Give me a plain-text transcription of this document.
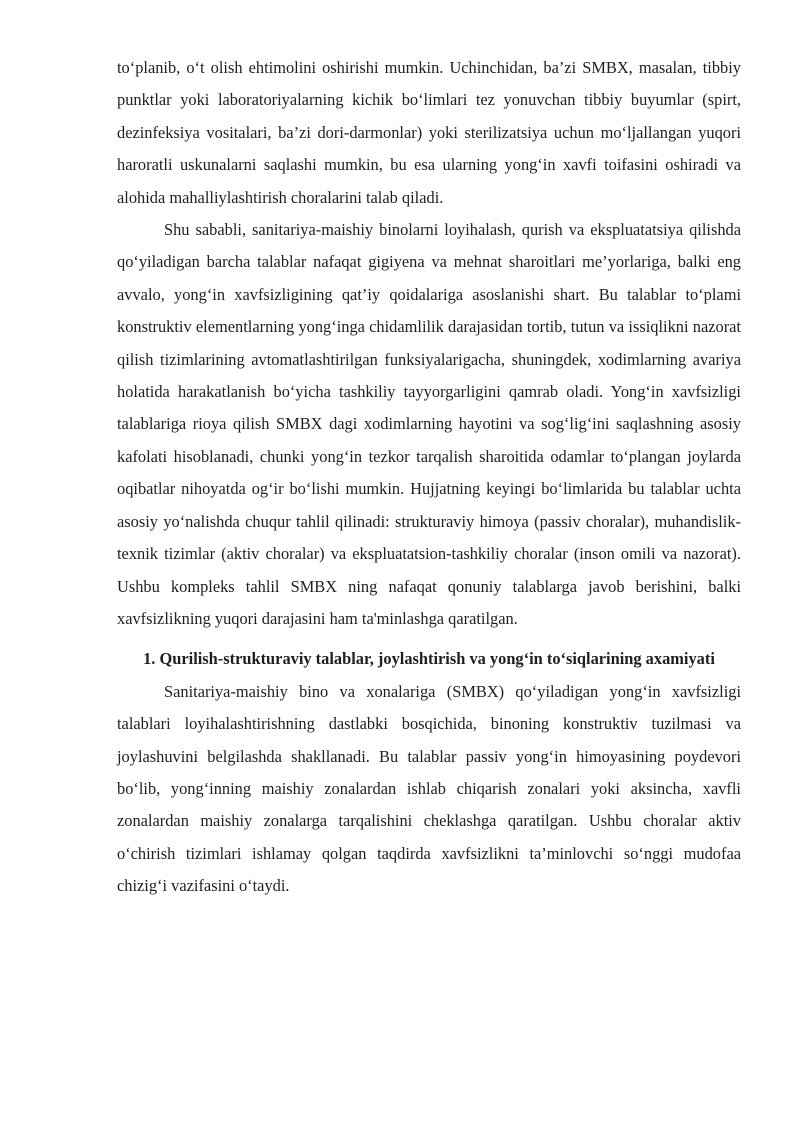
to‘planib, o‘t olish ehtimolini oshirishi mumkin. Uchinchidan, ba’zi SMBX, masalan, tibbiy punktlar yoki laboratoriyalarning kichik bo‘limlari tez yonuvchan tibbiy buyumlar (spirt, dezinfeksiya vositalari, ba’zi dori-darmonlar) yoki sterilizatsiya uchun mo‘ljallangan yuqori haroratli uskunalarni saqlashi mumkin, bu esa ularning yong‘in xavfi toifasini oshiradi va alohida mahalliylashtirish choralarini talab qiladi.

Shu sababli, sanitariya-maishiy binolarni loyihalash, qurish va ekspluatatsiya qilishda qo‘yiladigan barcha talablar nafaqat gigiyena va mehnat sharoitlari me’yorlariga, balki eng avvalo, yong‘in xavfsizligining qat’iy qoidalariga asoslanishi shart. Bu talablar to‘plami konstruktiv elementlarning yong‘inga chidamlilik darajasidan tortib, tutun va issiqlikni nazorat qilish tizimlarining avtomatlashtirilgan funksiyalarigacha, shuningdek, xodimlarning avariya holatida harakatlanish bo‘yicha tashkiliy tayyorgarligini qamrab oladi. Yong‘in xavfsizligi talablariga rioya qilish SMBX dagi xodimlarning hayotini va sog‘lig‘ini saqlashning asosiy kafolati hisoblanadi, chunki yong‘in tezkor tarqalish sharoitida odamlar to‘plangan joylarda oqibatlar nihoyatda og‘ir bo‘lishi mumkin. Hujjatning keyingi bo‘limlarida bu talablar uchta asosiy yo‘nalishda chuqur tahlil qilinadi: strukturaviy himoya (passiv choralar), muhandislik-texnik tizimlar (aktiv choralar) va ekspluatatsion-tashkiliy choralar (inson omili va nazorat). Ushbu kompleks tahlil SMBX ning nafaqat qonuniy talablarga javob berishini, balki xavfsizlikning yuqori darajasini ham ta'minlashga qaratilgan.

1. Qurilish-strukturaviy talablar, joylashtirish va yong‘in to‘siqlarining axamiyati

Sanitariya-maishiy bino va xonalariga (SMBX) qo‘yiladigan yong‘in xavfsizligi talablari loyihalashtirishning dastlabki bosqichida, binoning konstruktiv tuzilmasi va joylashuvini belgilashda shakllanadi. Bu talablar passiv yong‘in himoyasining poydevori bo‘lib, yong‘inning maishiy zonalardan ishlab chiqarish zonalari yoki aksincha, xavfli zonalardan maishiy zonalarga tarqalishini cheklashga qaratilgan. Ushbu choralar aktiv o‘chirish tizimlari ishlamay qolgan taqdirda xavfsizlikni ta’minlovchi so‘nggi mudofaa chizig‘i vazifasini o‘taydi.
